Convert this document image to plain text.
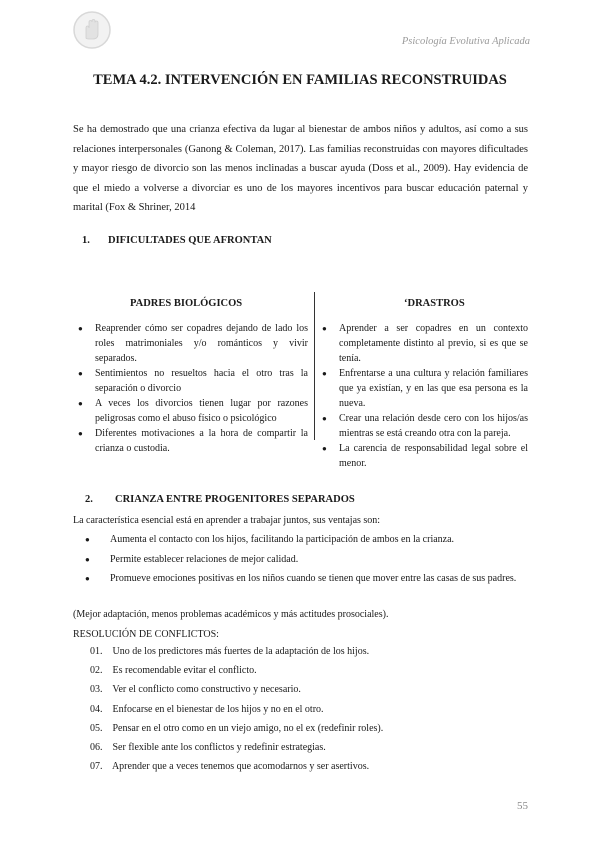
Psicología Evolutiva Aplicada
TEMA 4.2. INTERVENCIÓN EN FAMILIAS RECONSTRUIDAS

Se ha demostrado que una crianza efectiva da lugar al bienestar de ambos niños y adultos, así como a sus relaciones interpersonales (Ganong & Coleman, 2017). Las familias reconstruidas con mayores dificultades y mayor riesgo de divorcio son las menos inclinadas a buscar ayuda (Doss et al., 2009). Hay evidencia de que el miedo a volverse a divorciar es uno de los mayores incentivos para buscar educación paternal y marital (Fox & Shriner, 2014

1. DIFICULTADES QUE AFRONTAN
PADRES BIOLÓGICOS	‘DRASTROS
● Reaprender cómo ser copadres dejando de lado los roles matrimoniales y/o románticos y vivir separados.
● Sentimientos no resueltos hacia el otro tras la separación o divorcio
● A veces los divorcios tienen lugar por razones peligrosas como el abuso físico o psicológico
● Diferentes motivaciones a la hora de compartir la crianza o custodia.
● Aprender a ser copadres en un contexto completamente distinto al previo, si es que se tenía.
● Enfrentarse a una cultura y relación familiares que ya existían, y en las que esa persona es la nueva.
● Crear una relación desde cero con los hijos/as mientras se está creando otra con la pareja.
● La carencia de responsabilidad legal sobre el menor.
2. CRIANZA ENTRE PROGENITORES SEPARADOS
La característica esencial está en aprender a trabajar juntos, sus ventajas son:
● Aumenta el contacto con los hijos, facilitando la participación de ambos en la crianza.
● Permite establecer relaciones de mejor calidad.
● Promueve emociones positivas en los niños cuando se tienen que mover entre las casas de sus padres.
(Mejor adaptación, menos problemas académicos y más actitudes prosociales).
RESOLUCIÓN DE CONFLICTOS:
01. Uno de los predictores más fuertes de la adaptación de los hijos.
02. Es recomendable evitar el conflicto.
03. Ver el conflicto como constructivo y necesario.
04. Enfocarse en el bienestar de los hijos y no en el otro.
05. Pensar en el otro como en un viejo amigo, no el ex (redefinir roles).
06. Ser flexible ante los conflictos y redefinir estrategias.
07. Aprender que a veces tenemos que acomodarnos y ser asertivos.
55
